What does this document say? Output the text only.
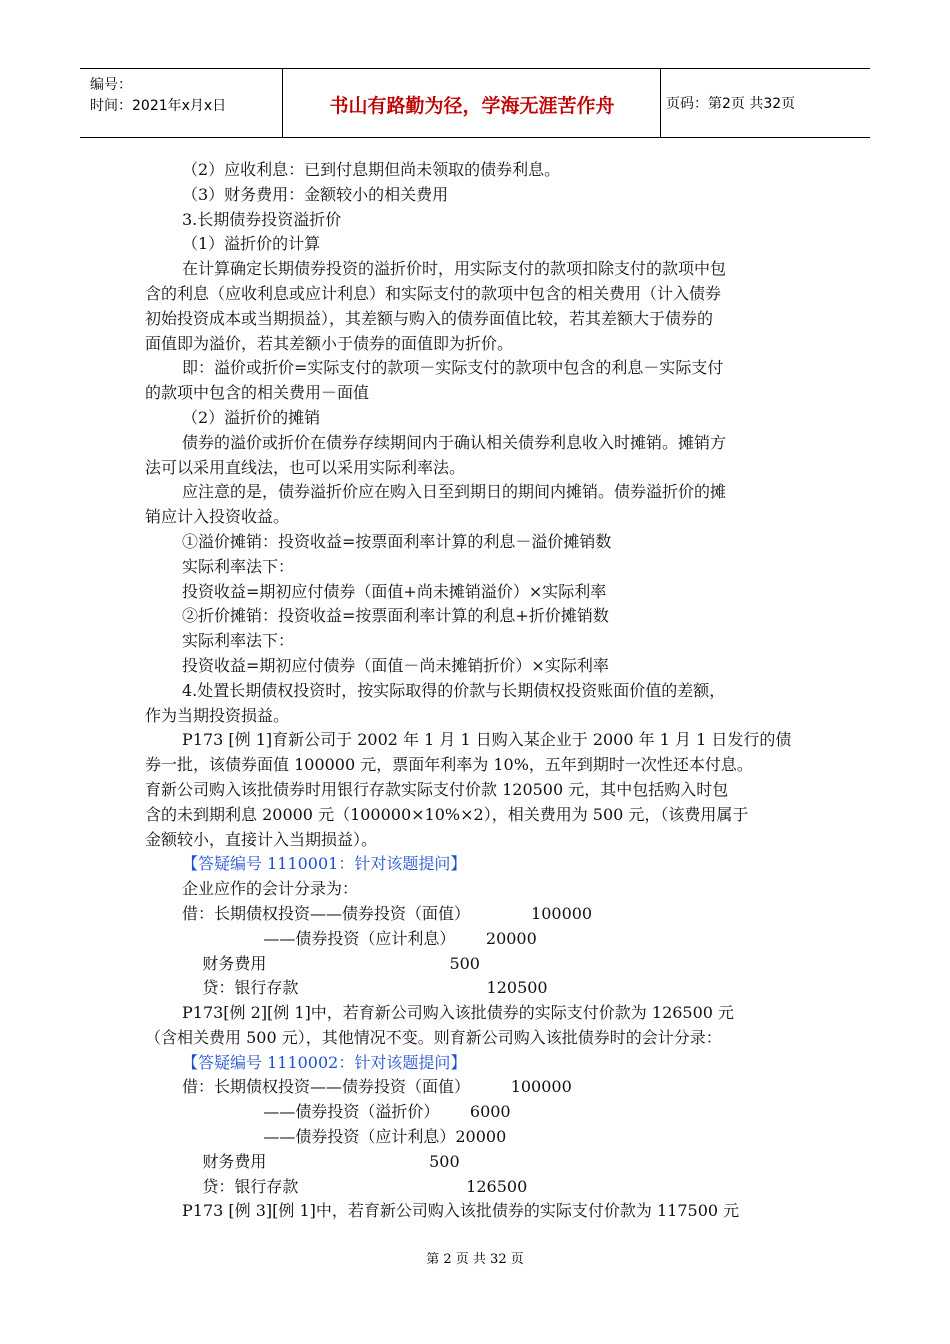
编号：
时间：2021年x月x日	书山有路勤为径，学海无涯苦作舟	页码：第2页 共32页

（2）应收利息：已到付息期但尚未领取的债券利息。

（3）财务费用：金额较小的相关费用

3.长期债券投资溢折价

（1）溢折价的计算

在计算确定长期债券投资的溢折价时，用实际支付的款项扣除支付的款项中包

含的利息（应收利息或应计利息）和实际支付的款项中包含的相关费用（计入债券

初始投资成本或当期损益），其差额与购入的债券面值比较，若其差额大于债券的

面值即为溢价，若其差额小于债券的面值即为折价。

即：溢价或折价=实际支付的款项－实际支付的款项中包含的利息－实际支付

的款项中包含的相关费用－面值

（2）溢折价的摊销

债券的溢价或折价在债券存续期间内于确认相关债券利息收入时摊销。摊销方

法可以采用直线法，也可以采用实际利率法。

应注意的是，债券溢折价应在购入日至到期日的期间内摊销。债券溢折价的摊

销应计入投资收益。

①溢价摊销：投资收益=按票面利率计算的利息－溢价摊销数

实际利率法下：

投资收益=期初应付债券（面值+尚未摊销溢价）×实际利率

②折价摊销：投资收益=按票面利率计算的利息+折价摊销数

实际利率法下：

投资收益=期初应付债券（面值－尚未摊销折价）×实际利率

4.处置长期债权投资时，按实际取得的价款与长期债权投资账面价值的差额，

作为当期投资损益。

P173 [例 1]育新公司于 2002 年 1 月 1 日购入某企业于 2000 年 1 月 1 日发行的债

券一批，该债券面值 100000 元，票面年利率为 10%，五年到期时一次性还本付息。

育新公司购入该批债券时用银行存款实际支付价款 120500 元，其中包括购入时包

含的未到期利息 20000 元（100000×10%×2），相关费用为 500 元，（该费用属于

金额较小，直接计入当期损益）。

【答疑编号 1110001：针对该题提问】

企业应作的会计分录为：

借：长期债权投资——债券投资（面值）            100000

——债券投资（应计利息）      20000

财务费用                                    500

贷：银行存款                                     120500

P173[例 2][例 1]中，若育新公司购入该批债券的实际支付价款为 126500 元

（含相关费用 500 元），其他情况不变。则育新公司购入该批债券时的会计分录：

【答疑编号 1110002：针对该题提问】

借：长期债权投资——债券投资（面值）        100000

——债券投资（溢折价）      6000

——债券投资（应计利息）20000

财务费用                                500

贷：银行存款                                 126500

P173 [例 3][例 1]中，若育新公司购入该批债券的实际支付价款为 117500 元

第 2 页 共 32 页
